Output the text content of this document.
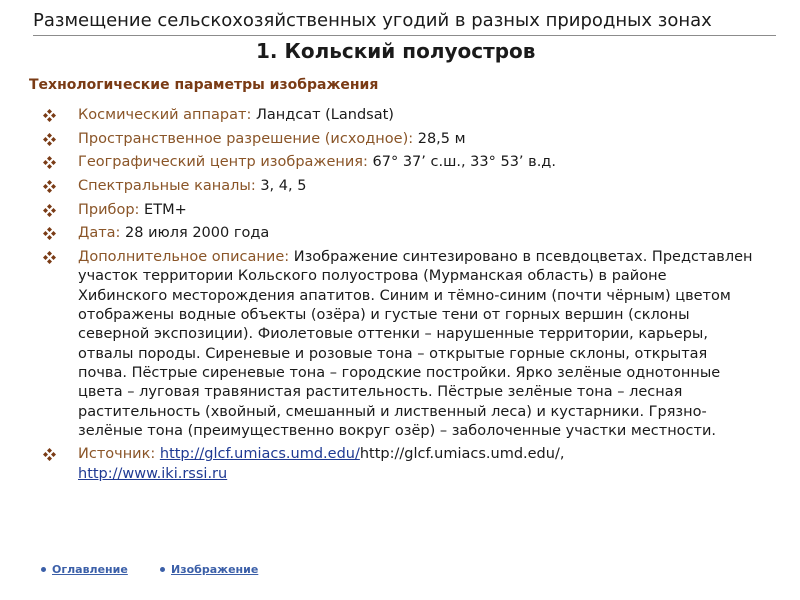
Размещение сельскохозяйственных угодий в разных природных зонах
1. Кольский полуостров
Технологические параметры изображения
Космический аппарат: Ландсат (Landsat)
Пространственное разрешение (исходное): 28,5 м
Географический центр изображения: 67° 37’ с.ш., 33° 53’ в.д.
Спектральные каналы: 3, 4, 5
Прибор: ETM+
Дата: 28 июля 2000 года
Дополнительное описание: Изображение синтезировано в псевдоцветах. Представлен участок территории Кольского полуострова (Мурманская область) в районе Хибинского месторождения апатитов. Синим и тёмно-синим (почти чёрным) цветом отображены водные объекты (озёра) и густые тени от горных вершин (склоны северной экспозиции). Фиолетовые оттенки – нарушенные территории, карьеры, отвалы породы. Сиреневые и розовые тона – открытые горные склоны, открытая почва. Пёстрые сиреневые тона – городские постройки. Ярко зелёные однотонные цвета – луговая травянистая растительность. Пёстрые зелёные тона – лесная растительность (хвойный, смешанный и лиственный леса) и кустарники. Грязно-зелёные тона (преимущественно вокруг озёр) – заболоченные участки местности.
Источник: http://glcf.umiacs.umd.edu/http://glcf.umiacs.umd.edu/,
http://www.iki.rssi.ru
Оглавление	Изображение
